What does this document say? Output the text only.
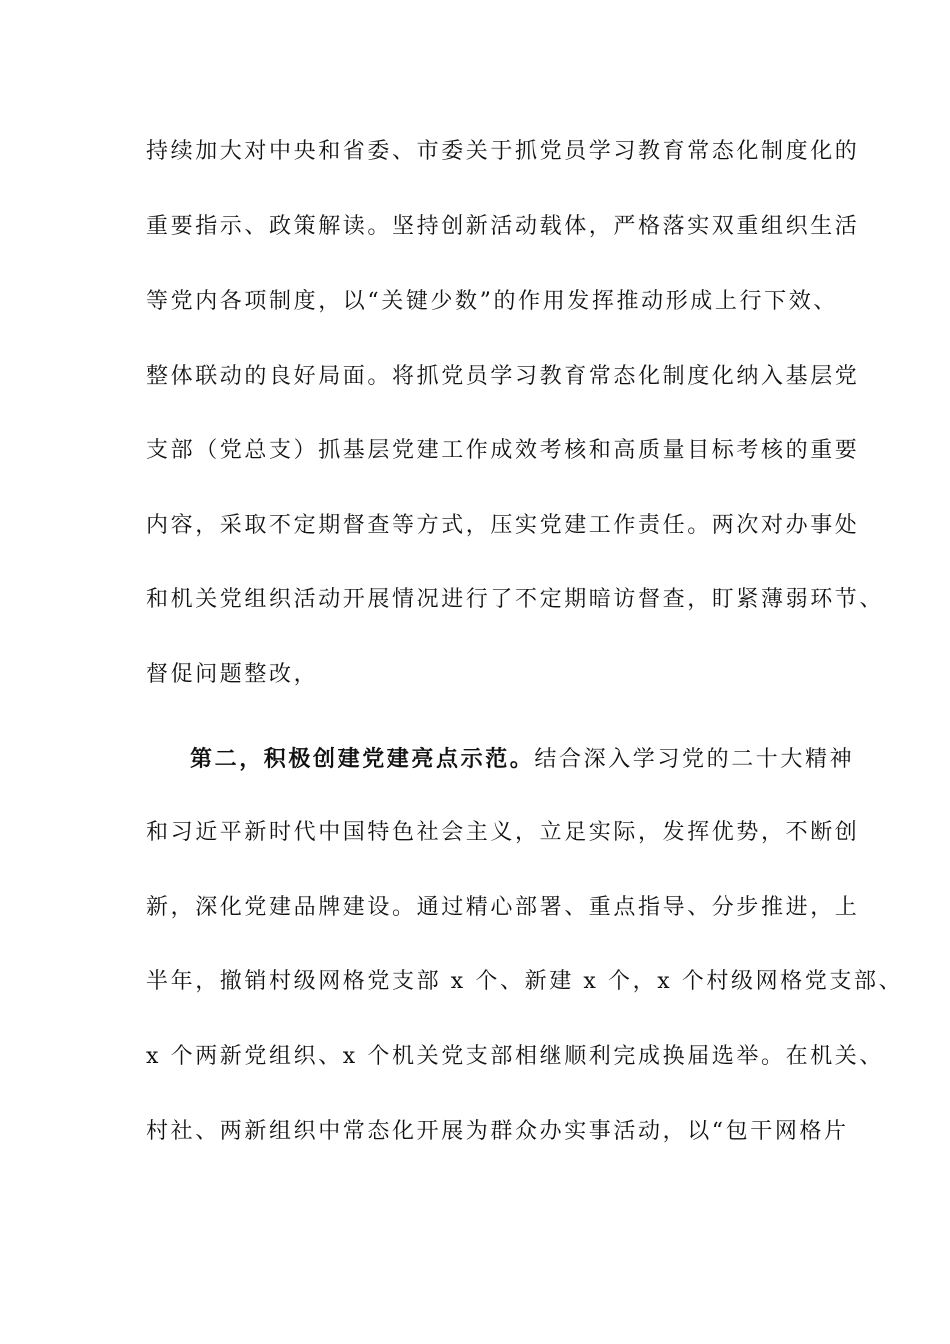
持续加大对中央和省委、市委关于抓党员学习教育常态化制度化的
重要指示、政策解读。坚持创新活动载体，严格落实双重组织生活
等党内各项制度，以“关键少数”的作用发挥推动形成上行下效、
整体联动的良好局面。将抓党员学习教育常态化制度化纳入基层党
支部（党总支）抓基层党建工作成效考核和高质量目标考核的重要
内容，采取不定期督查等方式，压实党建工作责任。两次对办事处
和机关党组织活动开展情况进行了不定期暗访督查，盯紧薄弱环节、
督促问题整改，
第二，积极创建党建亮点示范。结合深入学习党的二十大精神
和习近平新时代中国特色社会主义，立足实际，发挥优势，不断创
新，深化党建品牌建设。通过精心部署、重点指导、分步推进，上
半年，撤销村级网格党支部 x 个、新建 x 个，x 个村级网格党支部、
x 个两新党组织、x 个机关党支部相继顺利完成换届选举。在机关、
村社、两新组织中常态化开展为群众办实事活动，以“包干网格片
